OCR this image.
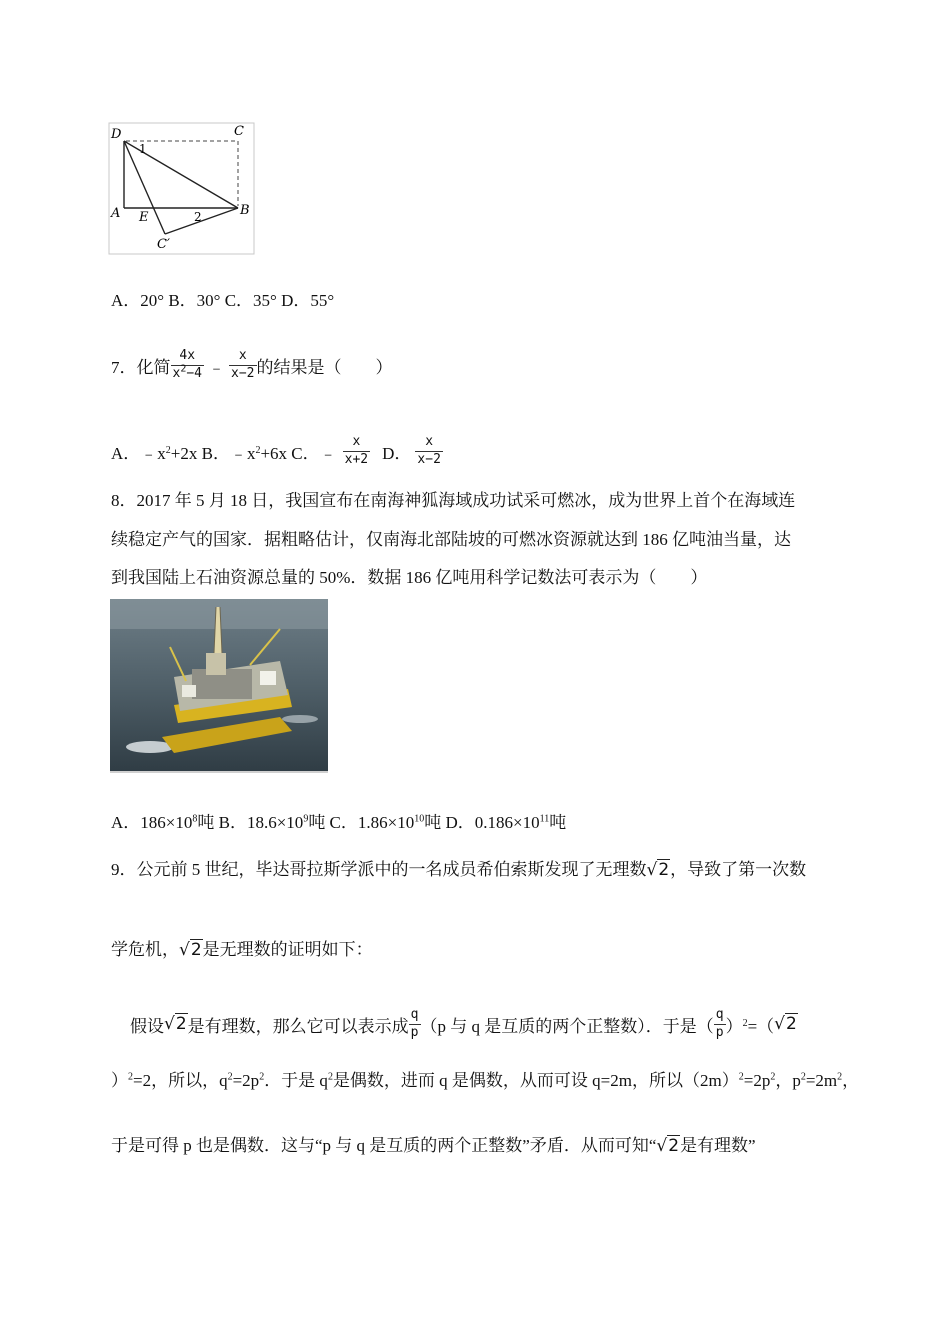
D	C
1
A E	2	B
C′
A．20° B．30° C．35° D．55°
7．化简 $\frac{4x}{x^2-4}$ ﹣ $\frac{x}{x-2}$ 的结果是（　　）
A．﹣x 2 +2x B．﹣x 2 +6x C．﹣ $\frac{x}{x+2}$ D． $\frac{x}{x-2}$
8．2017 年 5 月 18 日，我国宣布在南海神狐海域成功试采可燃冰，成为世界上首个在海域连
续稳定产气的国家．据粗略估计，仅南海北部陆坡的可燃冰资源就达到 186 亿吨油当量，达
到我国陆上石油资源总量的 50%．数据 186 亿吨用科学记数法可表示为（　　）
A．$186\times 10^8$吨 B．$18.6\times 10^9$吨 C．$1.86\times 10^{10}$吨 D．$0.186\times 10^{11}$吨
9．公元前 5 世纪，毕达哥拉斯学派中的一名成员希伯索斯发现了无理数√2，导致了第一次数
学危机，√2是无理数的证明如下：
假设 √2 是有理数，那么它可以表示成 $\frac{q}{p} (p$ 与 q 是互质的两个正整数）．于是（ $\frac{q}{p}$ ） 2 =（ √2
）$^2$=2，所以，$q^2=2p^2$．于是 $q^2$是偶数，进而 q 是偶数，从而可设 q=2m，所以$(2m)^2=2p^2$，$p^2=2m^2$，
于是可得 p 也是偶数．这与“p 与 q 是互质的两个正整数”矛盾．从而可知“√2是有理数”
